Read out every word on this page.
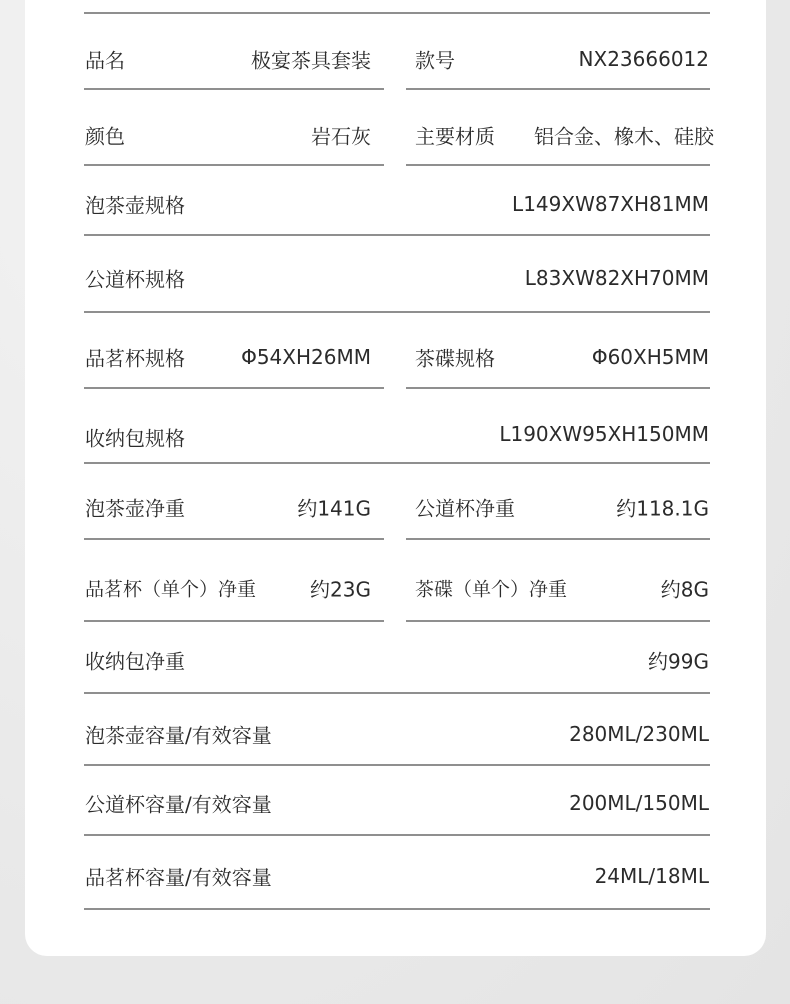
品名	极宴茶具套装 款号	NX23666012
颜色	岩石灰 主要材质 铝合金、橡木、硅胶
泡茶壶规格	L149XW87XH81MM
公道杯规格	L83XW82XH70MM
品茗杯规格	Φ54XH26MM 茶碟规格	Φ60XH5MM
收纳包规格	L190XW95XH150MM
泡茶壶净重	约141G 公道杯净重	约118.1G
品茗杯（单个）净重	约23G 茶碟（单个）净重	约8G
收纳包净重	约99G
泡茶壶容量/有效容量	280ML/230ML
公道杯容量/有效容量	200ML/150ML
品茗杯容量/有效容量	24ML/18ML
